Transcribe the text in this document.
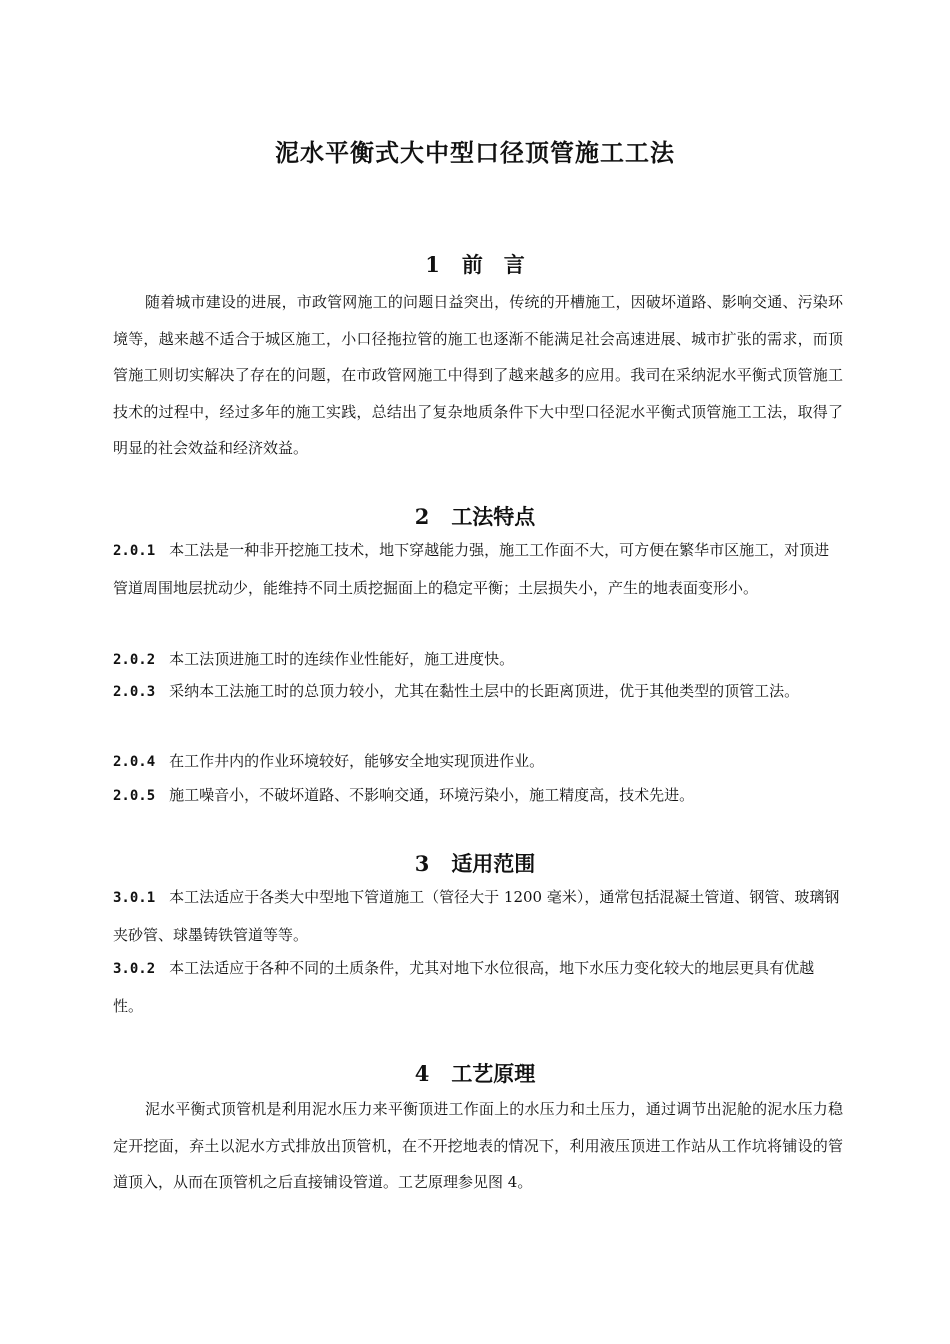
泥水平衡式大中型口径顶管施工工法
1 前　言
随着城市建设的进展，市政管网施工的问题日益突出，传统的开槽施工，因破坏道路、影响交通、污染环境等，越来越不适合于城区施工，小口径拖拉管的施工也逐渐不能满足社会高速进展、城市扩张的需求，而顶管施工则切实解决了存在的问题，在市政管网施工中得到了越来越多的应用。我司在采纳泥水平衡式顶管施工技术的过程中，经过多年的施工实践，总结出了复杂地质条件下大中型口径泥水平衡式顶管施工工法，取得了明显的社会效益和经济效益。
2 工法特点
2.0.1 本工法是一种非开挖施工技术，地下穿越能力强，施工工作面不大，可方便在繁华市区施工，对顶进管道周围地层扰动少，能维持不同土质挖掘面上的稳定平衡；土层损失小，产生的地表面变形小。
2.0.2 本工法顶进施工时的连续作业性能好，施工进度快。
2.0.3 采纳本工法施工时的总顶力较小，尤其在黏性土层中的长距离顶进，优于其他类型的顶管工法。
2.0.4 在工作井内的作业环境较好，能够安全地实现顶进作业。
2.0.5 施工噪音小，不破坏道路、不影响交通，环境污染小，施工精度高，技术先进。
3 适用范围
3.0.1 本工法适应于各类大中型地下管道施工（管径大于 1200 毫米），通常包括混凝土管道、钢管、玻璃钢夹砂管、球墨铸铁管道等等。
3.0.2 本工法适应于各种不同的土质条件，尤其对地下水位很高，地下水压力变化较大的地层更具有优越性。
4 工艺原理
泥水平衡式顶管机是利用泥水压力来平衡顶进工作面上的水压力和土压力，通过调节出泥舱的泥水压力稳定开挖面，弃土以泥水方式排放出顶管机，在不开挖地表的情况下，利用液压顶进工作站从工作坑将铺设的管道顶入，从而在顶管机之后直接铺设管道。工艺原理参见图 4。
